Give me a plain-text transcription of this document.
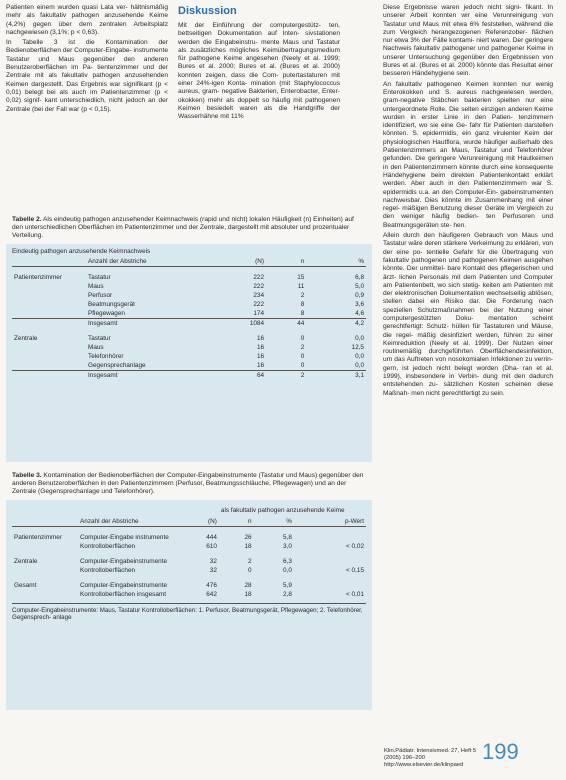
Patienten einem wurden quasi Lata ver- hältnismäßig mehr als fakultativ pathogen anzusehende Keime (4,2%) gegen über dem zentralen Arbeitsplatz nachgewiesen (3,1%; p < 0,63).

In Tabelle 3 ist die Kontamination der Bedienoberflächen der Computer-Eingabe- instrumente Tastatur und Maus gegenüber den anderen Benutzeroberflächen im Pa- tientenzimmer und der Zentrale mit als fakultativ pathogen anzusehenden Keimen dargestellt. Das Ergebnis war signifikant (p < 0,01) belegt bei als auch im Patientenzimmer (p < 0,02) signif- kant unterschiedlich, nicht jedoch an der Zentrale (bei der Fall war (p < 0,15).

Diskussion

Mit der Einführung der computergestütz- ten, bettseitigen Dokumentation auf Inten- sivstationen werden die Eingabeinstru- mente Maus und Tastatur als zusätzliches mögliches Keimübertragungsmedium für pathogene Keime angesehen (Neely et al. 1999; Bures et al. 2000; Bures et al. (Bures et al. 2000) konnten zeigen, dass die Com- putertastaturen mit einer 24%-igen Konta- mination (mit Staphylococcus aureus, gram- negative Bakterien, Enterobacter, Enter- okokken) mehr als doppelt so häufig mit pathogenen Keimen besiedelt waren als die Handgriffe der Wasserhähne mit 11%

Diese Ergebnisse waren jedoch nicht signi- fikant. In unserer Arbeit konnten wir eine Verunreinigung von Tastatur und Maus mit etwa 6% feststellen, während die zum Vergleich herangezogenen Referenzober- flächen nur etwa 3% der Fälle kontami- niert waren. Der geringere Nachweis fakultativ pathogener und pathogener Keime in unserer Untersuchung gegenüber den Ergebnissen von Bures et al. (Bures et al. 2000) könnte das Resultat einer besseren Händehygiene sein.

An fakultativ pathogenen Keimen konnten nur wenig Enterokokken und S. aureus nachgewiesen werden, gram-negative Stäbchen bakterien spielten nur eine untergeordnete Rolle. Die selten einzigen anderen Keime wurden in erster Linie in den Patien- tenzimmern identifiziert, wo sie eine Ge- fahr für Patienten darstellen könnten. S. epidermidis, ein ganz virulenter Keim der physiologischen Hautflora, wurde häufiger außerhalb des Patientenzimmers an Maus, Tastatur und Telefonhörer gefunden. Die geringere Verunreinigung mit Hautkeimen in den Patientenzimmern könnte durch eine konsequente Händehygiene beim direkten Patientenkontakt erklärt werden. Aber auch in den Patientenzimmern war S. epidermidis u.a. an den Computer-Ein- gabeinstrumenten nachweisbar. Dies könnte im Zusammenhang mit einer regel- mäßigen Benutzung dieser Geräte im Vergleich zu den weniger häufig bedien- ten Perfusoren und Beatmungsgeräten ste- hen.

Allein durch den häufigeren Gebrauch von Maus und Tastatur wäre deren stärkere Verkeimung zu erklären, von der eine po- tentielle Gefahr für die Übertragung von fakultativ pathogenen und pathogenen Keimen ausgehen könnte. Der unmittel- bare Kontakt des pflegerischen und ärzt- lichen Personals mit dem Patienten und Computer am Patientenbett, wo sich stetig- keiten am Patienten mit der elektronischen Dokumentation wechselseitig ablösen, stellen dabei ein Risiko dar. Die Forderung nach speziellen Schutzmaßnahmen bei der Nutzung einer computergestützten Doku- mentation scheint gerechtfertigt: Schutz- hüllen für Tastaturen und Mäuse, die regel- mäßig desinfiziert werden, führen zu einer Keimreduktion (Neely et al. 1999). Der Nutzen einer routinemäßig durchgeführten Oberflächendesinfektion, um das Auftreten von nosokomialen Infektionen zu verrin- gern, ist jedoch nicht belegt worden (Dha- ran et al. 1999), insbesondere in Verbin- dung mit den dadurch entstehenden zu- sätzlichen Kosten scheinen diese Maßnah- men nicht gerechtfertigt zu sein.

Tabelle 2. Als eindeutig pathogen anzusehender Keimnachweis (rapid und nicht) lokalen Häufigkeit (n) Einheiten) auf den unterschiedlichen Oberflächen im Patientenzimmer und der Zentrale, dargestellt mit absoluter und prozentualer Verteilung.
Eindeutig pathogen anzusehende Keimnachweis
	Anzahl der Abstriche	(N)	n	%

Patientenzimmer	Tastatur	222	15	6,8
	Maus	222	11	5,0
	Perfusor	234	2	0,9
	Beatmungsgerät	222	8	3,6
	Pflegewagen	174	8	4,6
	Insgesamt	1084	44	4,2

Zentrale	Tastatur	16	0	0,0
	Maus	16	2	12,5
	Telefonhörer	16	0	0,0
	Gegensprechanlage	16	0	0,0
	Insgesamt	64	2	3,1
Tabelle 3. Kontamination der Bedienoberflächen der Computer-Eingabeinstrumente (Tastatur und Maus) gegenüber den anderen Benutzeroberflächen in den Patientenzimmern (Perfusor, Beatmungsschläuche, Pflegewagen) und an der Zentrale (Gegensprechanlage und Telefonhörer).
			als fakultativ pathogen anzusehende Keime		
	Anzahl der Abstriche	(N)	n	%	p-Wert

Patientenzimmer	Computer-Eingabe instrumente	444	26	5,8	
	Kontrolloberflächen	610	18	3,0	< 0,02

Zentrale	Computer-Eingabeinstrumente	32	2	6,3	
	Kontrolloberflächen	32	0	0,0	< 0,15

Gesamt	Computer-Eingabeinstrumente	476	28	5,9	
	Kontrolloberflächen insgesamt	642	18	2,8	< 0,01
Computer-Eingabeinstrumente: Maus, Tastatur Kontrolloberflächen: 1. Perfusor, Beatmungsgerät, Pflegewagen; 2. Telefonhörer, Gegensprech- anlage
Klin.Pädiatr. Intensivmed. 27, Heft 5 (2005) 196–200
http://www.elsevier.de/klinpaed
199
